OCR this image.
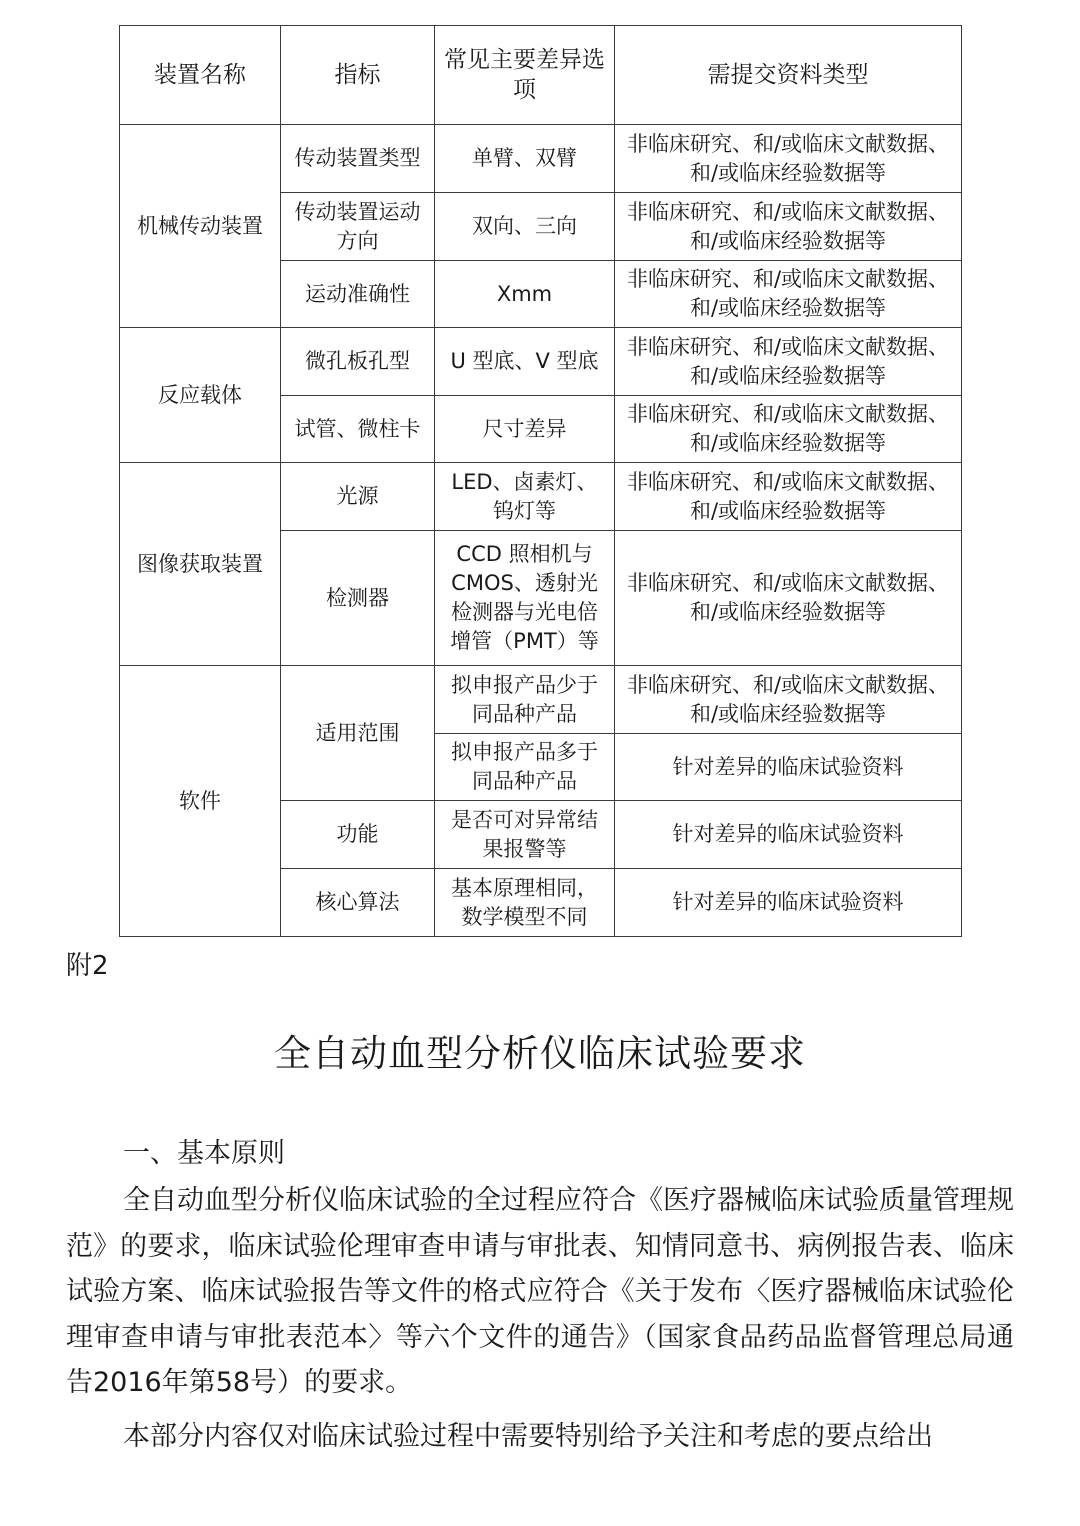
装置名称	指标	常见主要差异选项	需提交资料类型
机械传动装置	传动装置类型	单臂、双臂	非临床研究、和/或临床文献数据、和/或临床经验数据等
	传动装置运动方向	双向、三向	非临床研究、和/或临床文献数据、和/或临床经验数据等
	运动准确性	Xmm	非临床研究、和/或临床文献数据、和/或临床经验数据等
反应载体	微孔板孔型	U 型底、V 型底	非临床研究、和/或临床文献数据、和/或临床经验数据等
	试管、微柱卡	尺寸差异	非临床研究、和/或临床文献数据、和/或临床经验数据等
图像获取装置	光源	LED、卤素灯、钨灯等	非临床研究、和/或临床文献数据、和/或临床经验数据等
	检测器	CCD 照相机与CMOS、透射光检测器与光电倍增管（PMT）等	非临床研究、和/或临床文献数据、和/或临床经验数据等
软件	适用范围	拟申报产品少于同品种产品	非临床研究、和/或临床文献数据、和/或临床经验数据等
		拟申报产品多于同品种产品	针对差异的临床试验资料
	功能	是否可对异常结果报警等	针对差异的临床试验资料
	核心算法	基本原理相同，数学模型不同	针对差异的临床试验资料
附2
全自动血型分析仪临床试验要求
一、基本原则

全自动血型分析仪临床试验的全过程应符合《医疗器械临床试验质量管理规范》的要求，临床试验伦理审查申请与审批表、知情同意书、病例报告表、临床试验方案、临床试验报告等文件的格式应符合《关于发布〈医疗器械临床试验伦理审查申请与审批表范本〉等六个文件的通告》（国家食品药品监督管理总局通告2016年第58号）的要求。

本部分内容仅对临床试验过程中需要特别给予关注和考虑的要点给出
